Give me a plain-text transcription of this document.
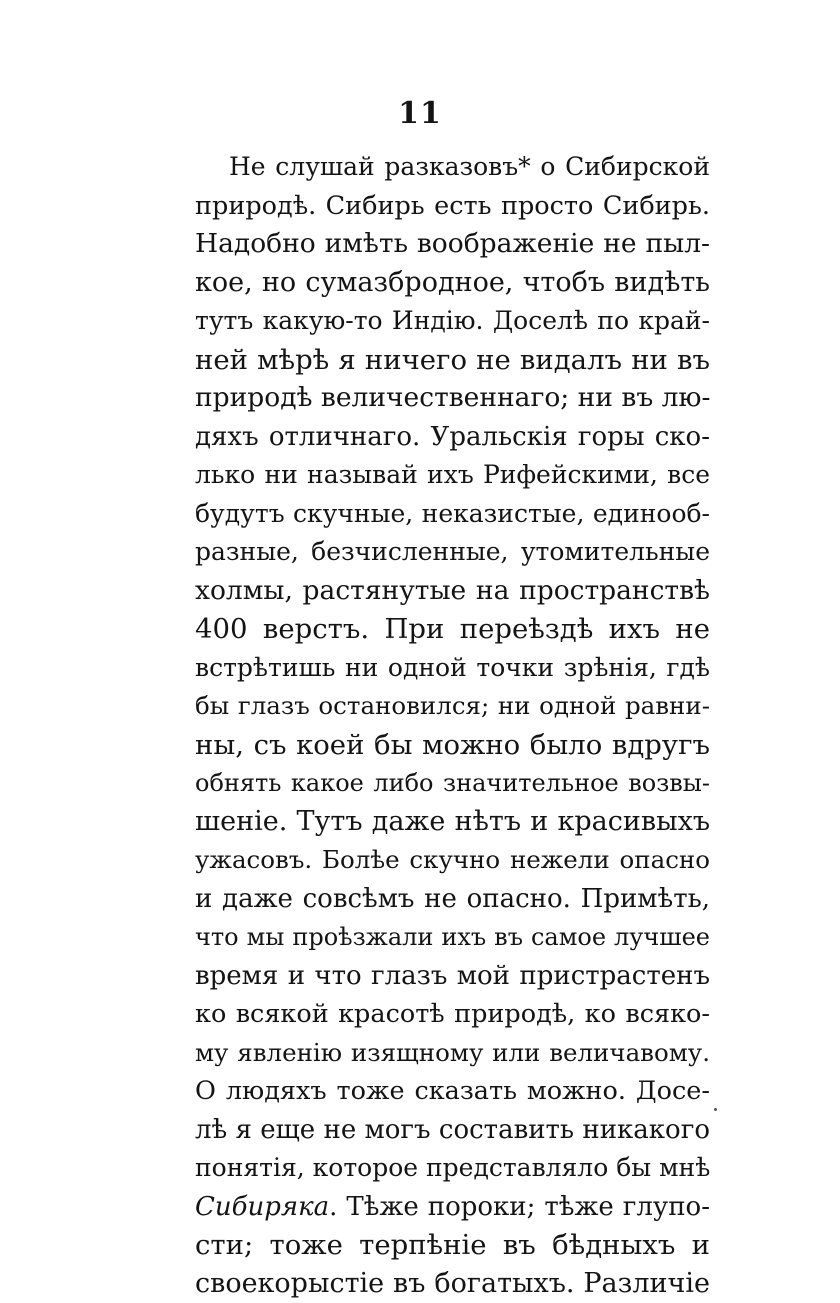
11
Не слушай разказовъ* о Сибирской
природѣ. Сибирь есть просто Сибирь.
Надобно имѣть воображеніе не пыл-
кое, но сумазбродное, чтобъ видѣть
тутъ какую-то Индію. Доселѣ по край-
ней мѣрѣ я ничего не видалъ ни въ
природѣ величественнаго; ни въ лю-
дяхъ отличнаго. Уральскія горы ско-
лько ни называй ихъ Рифейскими, все
будутъ скучные, неказистые, единооб-
разные, безчисленные, утомительные
холмы, растянутые на пространствѣ
400 верстъ. При переѣздѣ ихъ не
встрѣтишь ни одной точки зрѣнія, гдѣ
бы глазъ остановился; ни одной равни-
ны, съ коей бы можно было вдругъ
обнять какое либо значительное возвы-
шеніе. Тутъ даже нѣтъ и красивыхъ
ужасовъ. Болѣе скучно нежели опасно
и даже совсѣмъ не опасно. Примѣть,
что мы проѣзжали ихъ въ самое лучшее
время и что глазъ мой пристрастенъ
ко всякой красотѣ природѣ, ко всяко-
му явленію изящному или величавому.
О людяхъ тоже сказать можно. Досе-
лѣ я еще не могъ составить никакого
понятія, которое представляло бы мнѣ
Сибиряка. Тѣже пороки; тѣже глупо-
сти; тоже терпѣніе въ бѣдныхъ и
своекорыстіе въ богатыхъ. Различіе
